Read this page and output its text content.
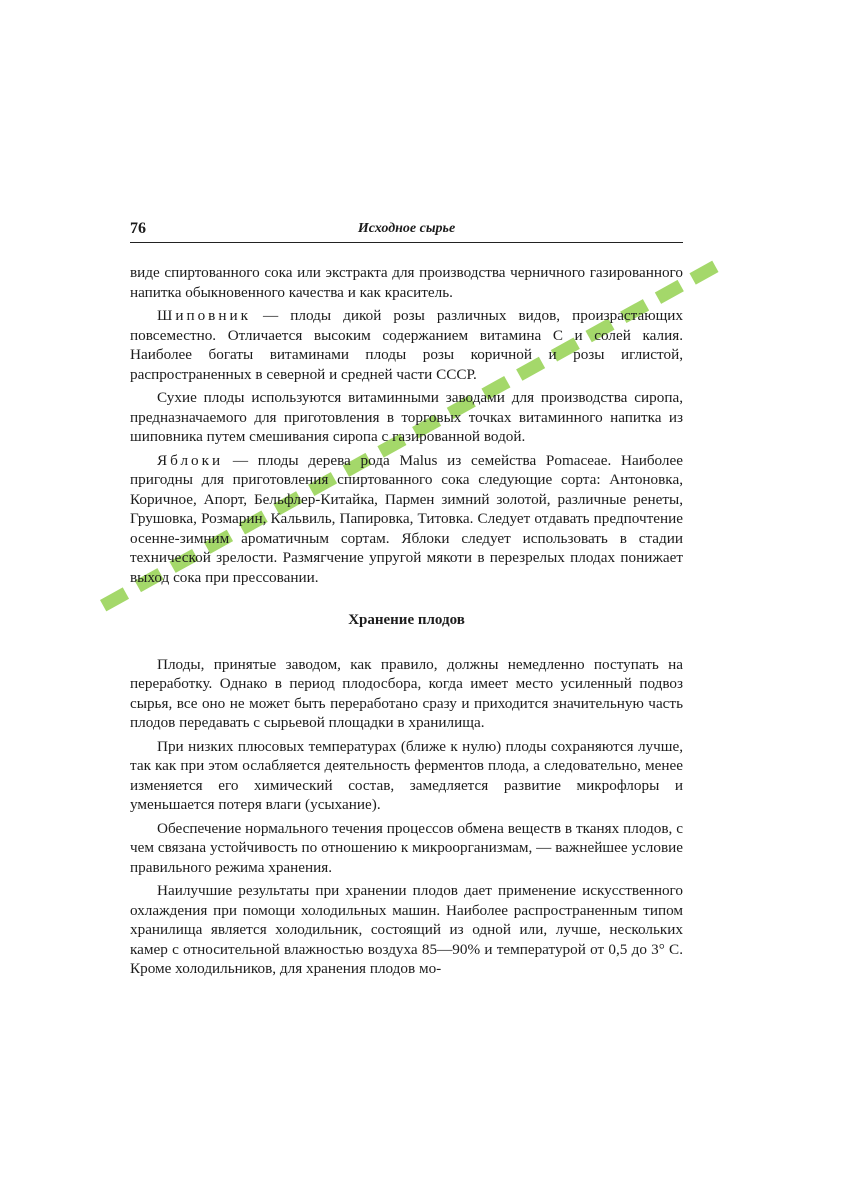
76	Исходное сырье

виде спиртованного сока или экстракта для производства черничного газированного напитка обыкновенного качества и как краситель.

Шиповник — плоды дикой розы различных видов, произрастающих повсеместно. Отличается высоким содержанием витамина С и солей калия. Наиболее богаты витаминами плоды розы коричной и розы иглистой, распространенных в северной и средней части СССР.

Сухие плоды используются витаминными заводами для производства сиропа, предназначаемого для приготовления в торговых точках витаминного напитка из шиповника путем смешивания сиропа с газированной водой.

Яблоки — плоды дерева рода Malus из семейства Pomaceae. Наиболее пригодны для приготовления спиртованного сока следующие сорта: Антоновка, Коричное, Апорт, Бельфлер-Китайка, Пармен зимний золотой, различные ренеты, Грушовка, Розмарин, Кальвиль, Папировка, Титовка. Следует отдавать предпочтение осенне-зимним ароматичным сортам. Яблоки следует использовать в стадии технической зрелости. Размягчение упругой мякоти в перезрелых плодах понижает выход сока при прессовании.

Хранение плодов

Плоды, принятые заводом, как правило, должны немедленно поступать на переработку. Однако в период плодосбора, когда имеет место усиленный подвоз сырья, все оно не может быть переработано сразу и приходится значительную часть плодов передавать с сырьевой площадки в хранилища.

При низких плюсовых температурах (ближе к нулю) плоды сохраняются лучше, так как при этом ослабляется деятельность ферментов плода, а следовательно, менее изменяется его химический состав, замедляется развитие микрофлоры и уменьшается потеря влаги (усыхание).

Обеспечение нормального течения процессов обмена веществ в тканях плодов, с чем связана устойчивость по отношению к микроорганизмам, — важнейшее условие правильного режима хранения.

Наилучшие результаты при хранении плодов дает применение искусственного охлаждения при помощи холодильных машин. Наиболее распространенным типом хранилища является холодильник, состоящий из одной или, лучше, нескольких камер с относительной влажностью воздуха 85—90% и температурой от 0,5 до 3° С. Кроме холодильников, для хранения плодов мо-
